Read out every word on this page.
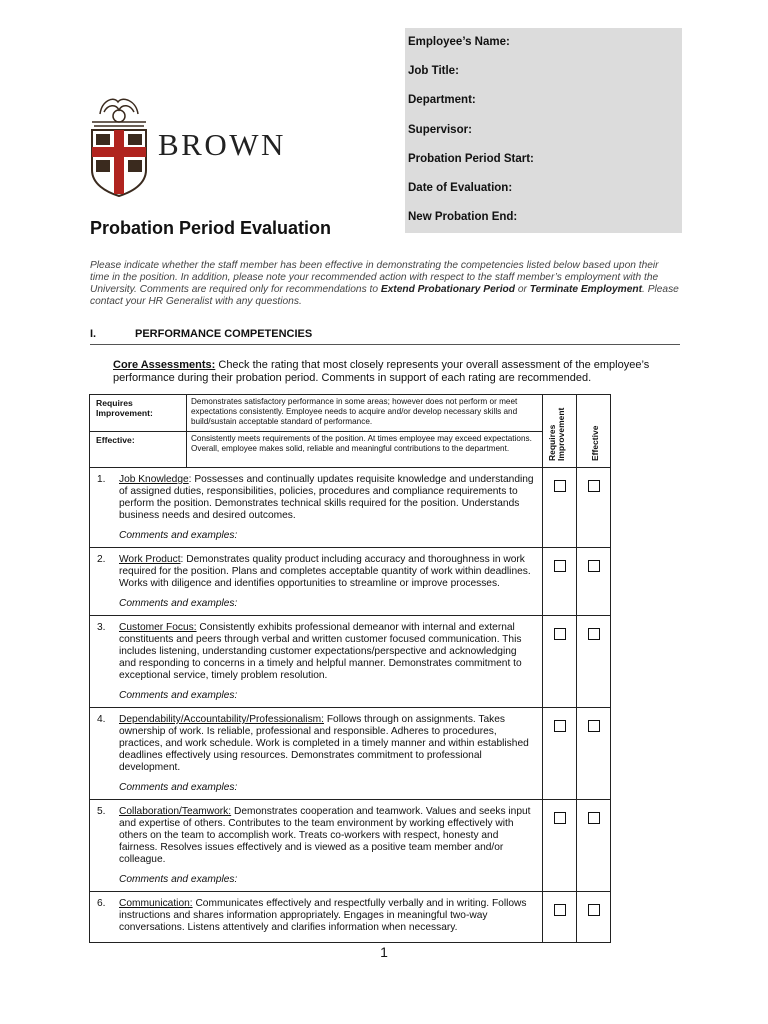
Employee’s Name:
Job Title:
Department:
Supervisor:
Probation Period Start:
Date of Evaluation:
New Probation End:
BROWN
Probation Period Evaluation
Please indicate whether the staff member has been effective in demonstrating the competencies listed below based upon their time in the position. In addition, please note your recommended action with respect to the staff member’s employment with the University. Comments are required only for recommendations to Extend Probationary Period or Terminate Employment. Please contact your HR Generalist with any questions.
I.	PERFORMANCE COMPETENCIES
Core Assessments: Check the rating that most closely represents your overall assessment of the employee’s performance during their probation period. Comments in support of each rating are recommended.
Requires Improvement:	Demonstrates satisfactory performance in some areas; however does not perform or meet expectations consistently. Employee needs to acquire and/or develop necessary skills and build/sustain acceptable standard of performance.	Requires Improvement	Effective

Effective:	Consistently meets requirements of the position. At times employee may exceed expectations. Overall, employee makes solid, reliable and meaningful contributions to the department.		

1. Job Knowledge: Possesses and continually updates requisite knowledge and understanding of assigned duties, responsibilities, policies, procedures and compliance requirements to perform the position. Demonstrates technical skills required for the position. Understands business needs and desired outcomes.
Comments and examples:			

2. Work Product: Demonstrates quality product including accuracy and thoroughness in work required for the position. Plans and completes acceptable quantity of work within deadlines. Works with diligence and identifies opportunities to streamline or improve processes.
Comments and examples:			

3. Customer Focus: Consistently exhibits professional demeanor with internal and external constituents and peers through verbal and written customer focused communication. This includes listening, understanding customer expectations/perspective and acknowledging and responding to concerns in a timely and helpful manner. Demonstrates commitment to exceptional service, timely problem resolution.
Comments and examples:			

4. Dependability/Accountability/Professionalism: Follows through on assignments. Takes ownership of work. Is reliable, professional and responsible. Adheres to procedures, practices, and work schedule. Work is completed in a timely manner and within established deadlines effectively using resources. Demonstrates commitment to professional development.
Comments and examples:			

5. Collaboration/Teamwork: Demonstrates cooperation and teamwork. Values and seeks input and expertise of others. Contributes to the team environment by working effectively with others on the team to accomplish work. Treats co-workers with respect, honesty and fairness. Resolves issues effectively and is viewed as a positive team member and/or colleague.
Comments and examples:			

6. Communication: Communicates effectively and respectfully verbally and in writing. Follows instructions and shares information appropriately. Engages in meaningful two-way conversations. Listens attentively and clarifies information when necessary.			

1
